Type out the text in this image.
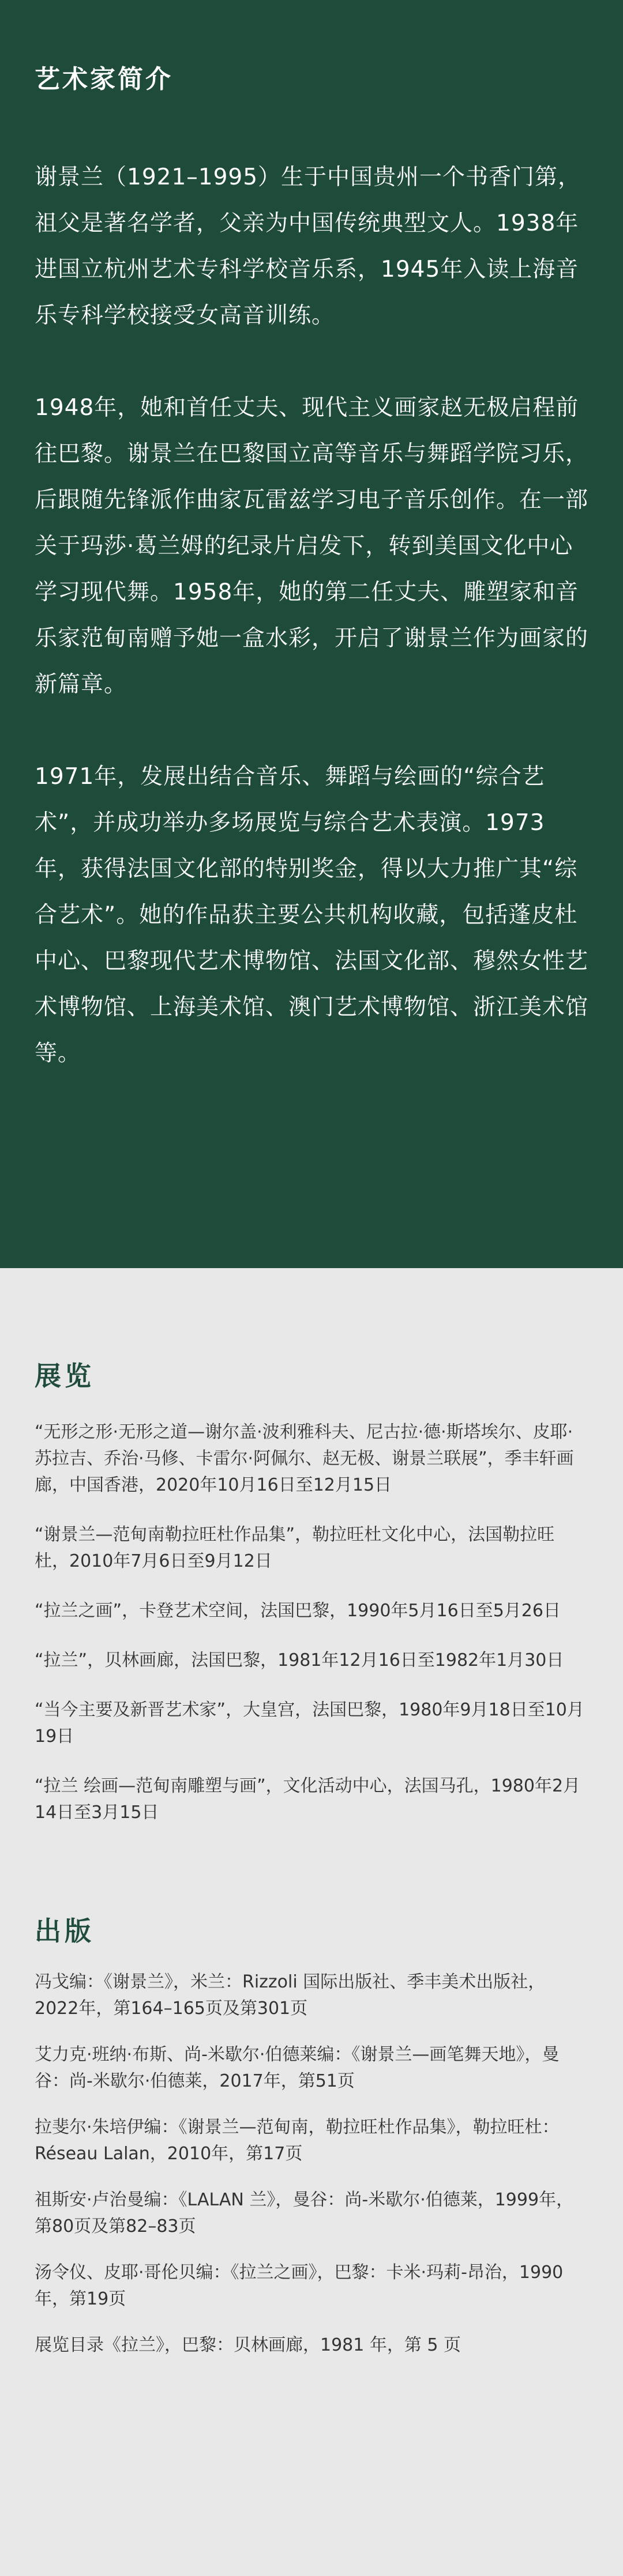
艺术家简介

谢景兰（1921–1995）生于中国贵州一个书香门第，祖父是著名学者，父亲为中国传统典型文人。1938年进国立杭州艺术专科学校音乐系，1945年入读上海音乐专科学校接受女高音训练。

1948年，她和首任丈夫、现代主义画家赵无极启程前往巴黎。谢景兰在巴黎国立高等音乐与舞蹈学院习乐，后跟随先锋派作曲家瓦雷兹学习电子音乐创作。在一部关于玛莎·葛兰姆的纪录片启发下，转到美国文化中心学习现代舞。1958年，她的第二任丈夫、雕塑家和音乐家范甸南赠予她一盒水彩，开启了谢景兰作为画家的新篇章。

1971年，发展出结合音乐、舞蹈与绘画的“综合艺术”，并成功举办多场展览与综合艺术表演。1973年，获得法国文化部的特别奖金，得以大力推广其“综合艺术”。她的作品获主要公共机构收藏，包括蓬皮杜中心、巴黎现代艺术博物馆、法国文化部、穆然女性艺术博物馆、上海美术馆、澳门艺术博物馆、浙江美术馆等。

展览

“无形之形·无形之道—谢尔盖·波利雅科夫、尼古拉·德·斯塔埃尔、皮耶·苏拉吉、乔治·马修、卡雷尔·阿佩尔、赵无极、谢景兰联展”，季丰轩画廊，中国香港，2020年10月16日至12月15日

“谢景兰—范甸南勒拉旺杜作品集”，勒拉旺杜文化中心，法国勒拉旺杜，2010年7月6日至9月12日

“拉兰之画”，卡登艺术空间，法国巴黎，1990年5月16日至5月26日

“拉兰”，贝林画廊，法国巴黎，1981年12月16日至1982年1月30日

“当今主要及新晋艺术家”，大皇宫，法国巴黎，1980年9月18日至10月19日

“拉兰 绘画—范甸南雕塑与画”，文化活动中心，法国马孔，1980年2月14日至3月15日

出版

冯戈编：《谢景兰》，米兰：Rizzoli 国际出版社、季丰美术出版社，2022年，第164–165页及第301页

艾力克·班纳·布斯、尚-米歇尔·伯德莱编：《谢景兰—画笔舞天地》，曼谷：尚-米歇尔·伯德莱，2017年，第51页

拉斐尔·朱培伊编：《谢景兰—范甸南，勒拉旺杜作品集》，勒拉旺杜：Réseau Lalan，2010年，第17页

祖斯安·卢治曼编：《LALAN 兰》，曼谷：尚-米歇尔·伯德莱，1999年，第80页及第82–83页

汤令仪、皮耶·哥伦贝编：《拉兰之画》，巴黎：卡米·玛莉-昂治，1990年，第19页

展览目录《拉兰》，巴黎：贝林画廊，1981 年，第 5 页
